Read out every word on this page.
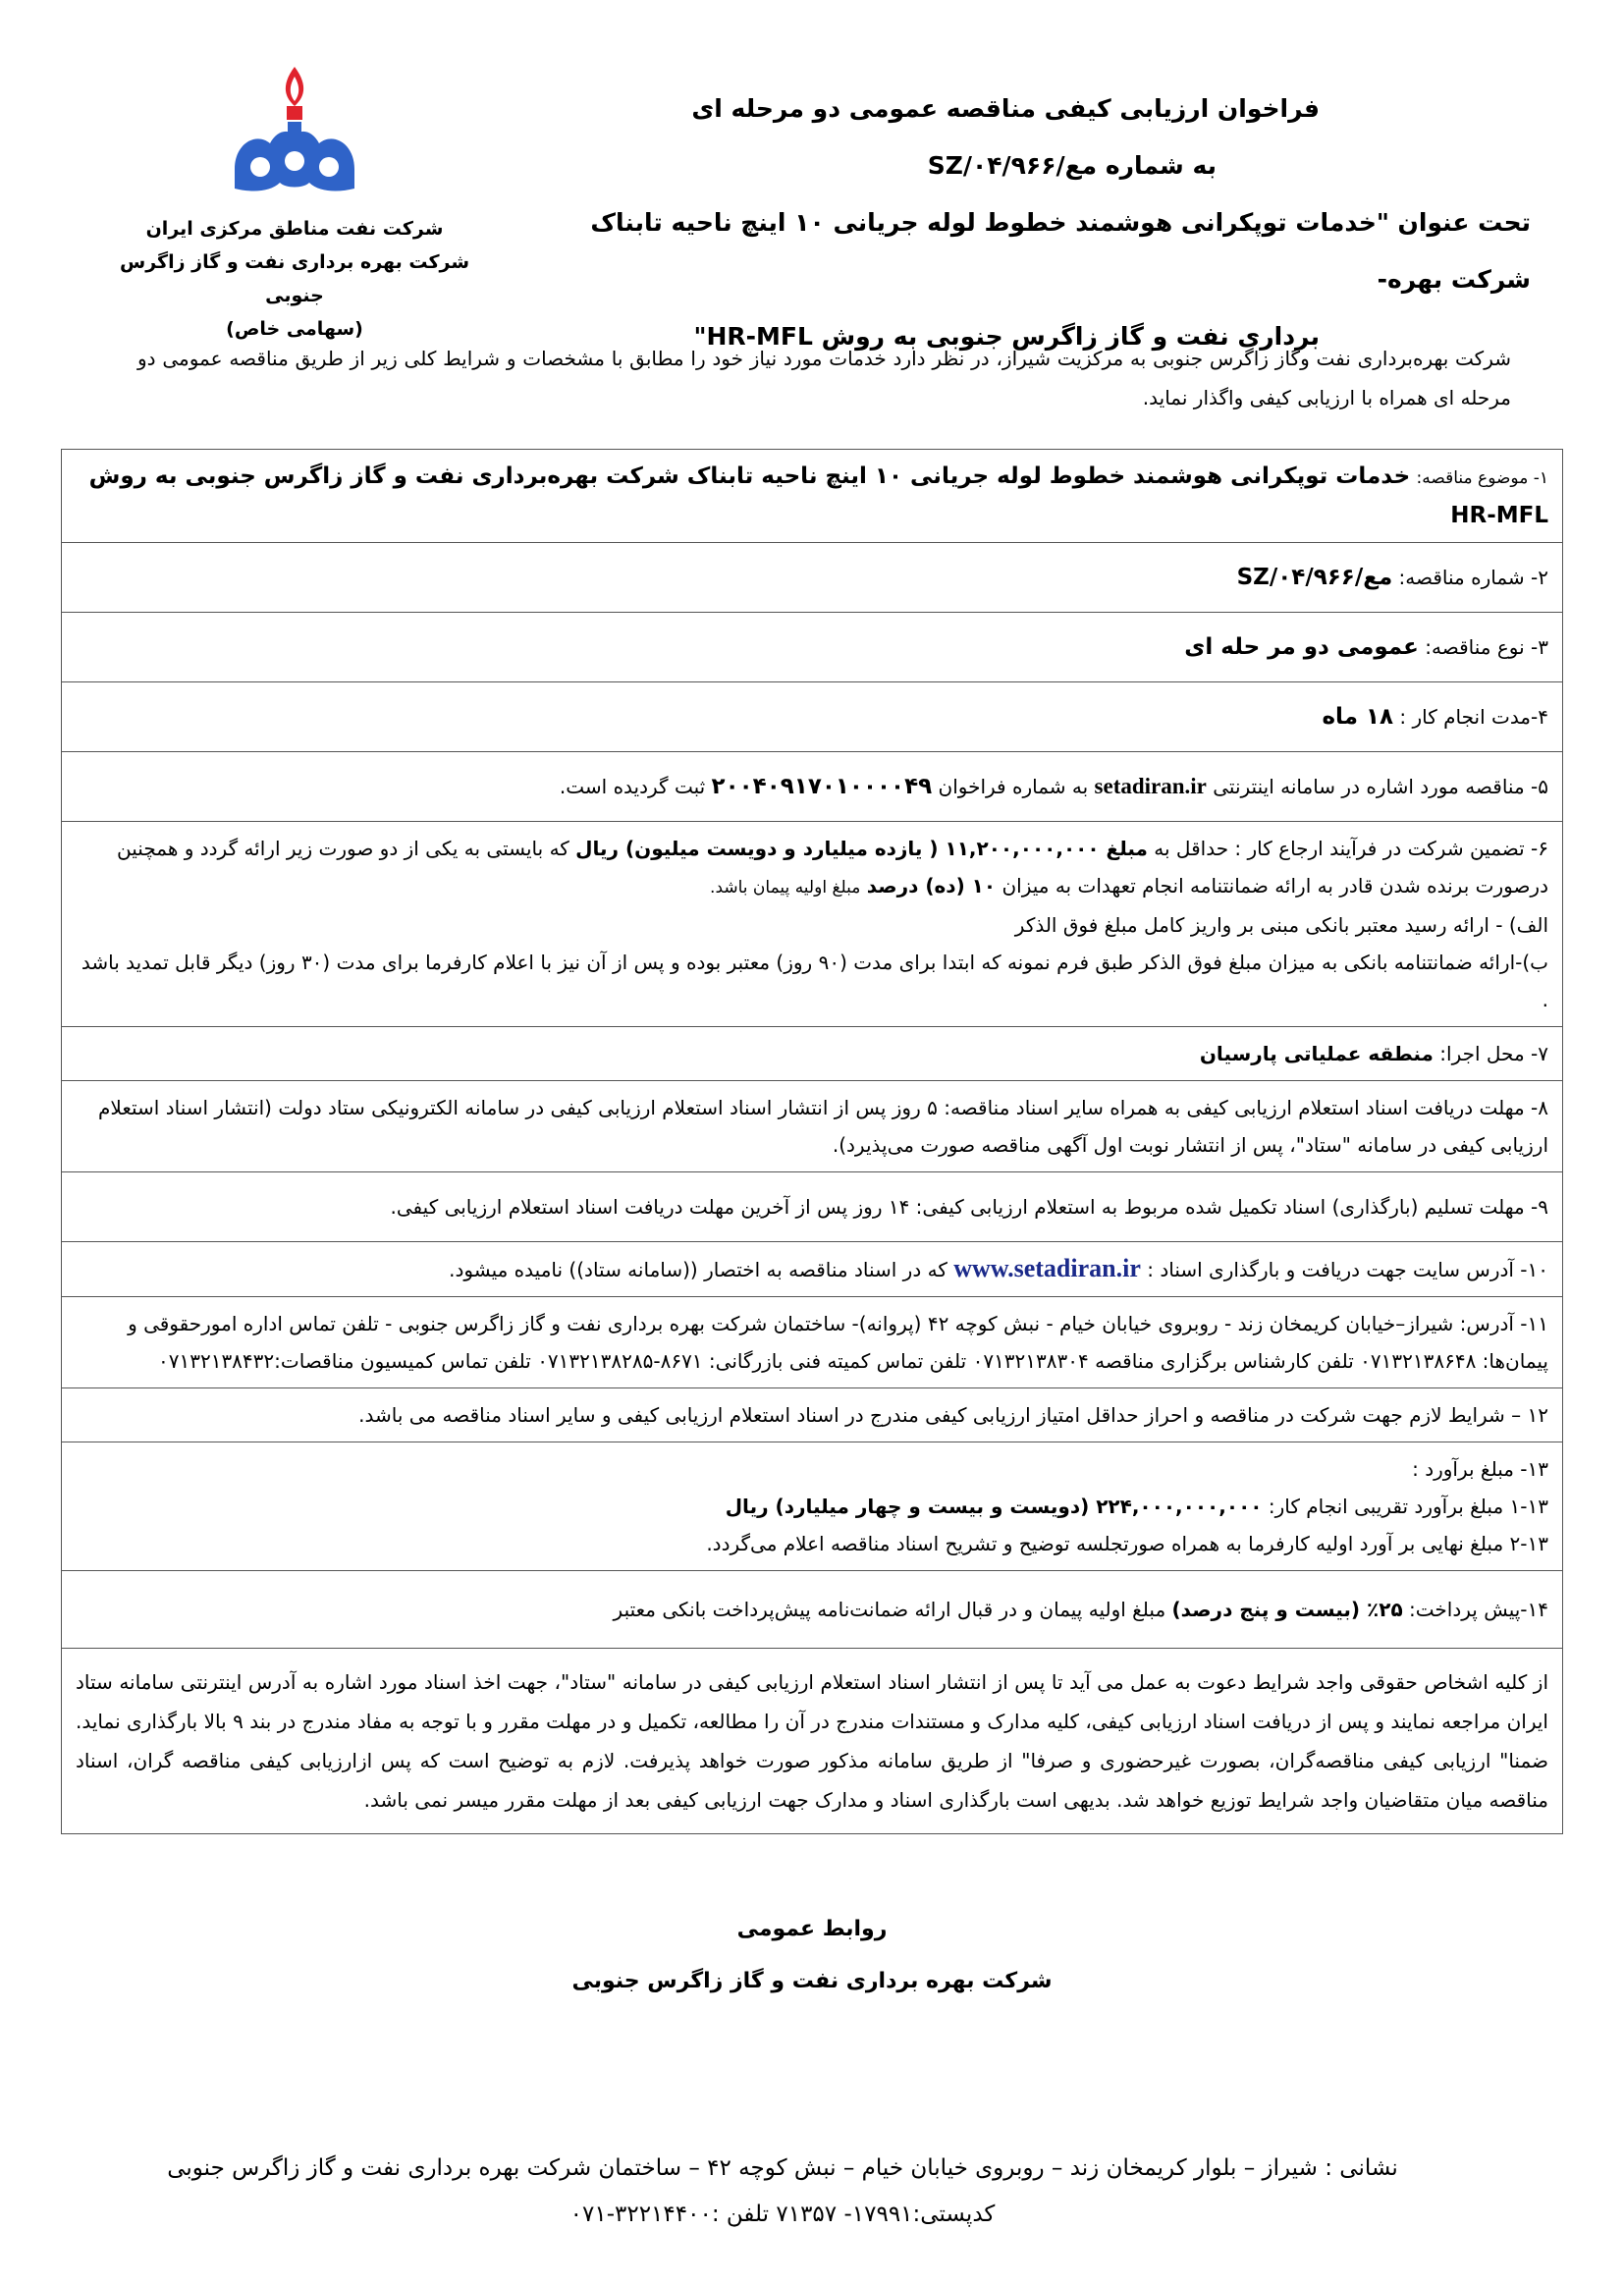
شرکت نفت مناطق مرکزی ایران
شرکت بهره برداری نفت و گاز زاگرس جنوبی
(سهامی خاص)
فراخوان ارزیابی کیفی مناقصه عمومی دو مرحله ای
به شماره مع/SZ/۰۴/۹۶۶
تحت عنوان "خدمات توپکرانی هوشمند خطوط لوله جریانی ۱۰ اینچ ناحیه تابناک شرکت بهره-
برداری نفت و گاز زاگرس جنوبی به روش HR-MFL"
شرکت بهره‌برداری نفت وگاز زاگرس جنوبی به مرکزیت شیراز، در نظر دارد خدمات مورد نیاز خود را مطابق با مشخصات و شرایط کلی زیر از طریق مناقصه عمومی دو مرحله ای همراه با ارزیابی کیفی واگذار نماید.
۱- موضوع مناقصه: خدمات توپکرانی هوشمند خطوط لوله جریانی ۱۰ اینچ ناحیه تابناک شرکت بهره‌برداری نفت و گاز زاگرس جنوبی به روش HR-MFL
۲- شماره مناقصه: مع/SZ/۰۴/۹۶۶
۳- نوع مناقصه: عمومی دو مر حله ای
۴-مدت انجام کار : ۱۸ ماه
۵- مناقصه مورد اشاره در سامانه اینترنتی setadiran.ir به شماره فراخوان ۲۰۰۴۰۹۱۷۰۱۰۰۰۰۴۹ ثبت گردیده است.
۶- تضمین شرکت در فرآیند ارجاع کار : حداقل به مبلغ ۱۱,۲۰۰,۰۰۰,۰۰۰ ( یازده میلیارد و دویست میلیون) ریال که بایستی به یکی از دو صورت زیر ارائه گردد و همچنین درصورت برنده شدن قادر به ارائه ضمانتنامه انجام تعهدات به میزان ۱۰ (ده) درصد مبلغ اولیه پیمان باشد.
الف) - ارائه رسید معتبر بانکی مبنی بر واریز کامل مبلغ فوق الذکر
ب)-ارائه ضمانتنامه بانکی به میزان مبلغ فوق الذکر طبق فرم نمونه که ابتدا برای مدت (۹۰ روز) معتبر بوده و پس از آن نیز با اعلام کارفرما برای مدت (۳۰ روز) دیگر قابل تمدید باشد .

۷- محل اجرا: منطقه عملیاتی پارسیان
۸- مهلت دریافت اسناد استعلام ارزیابی کیفی به همراه سایر اسناد مناقصه: ۵ روز پس از انتشار اسناد استعلام ارزیابی کیفی در سامانه الکترونیکی ستاد دولت (انتشار اسناد استعلام ارزیابی کیفی در سامانه "ستاد"، پس از انتشار نوبت اول آگهی مناقصه صورت می‌پذیرد).
۹- مهلت تسلیم (بارگذاری) اسناد تکمیل شده مربوط به استعلام ارزیابی کیفی: ۱۴ روز پس از آخرین مهلت دریافت اسناد استعلام ارزیابی کیفی.
۱۰- آدرس سایت جهت دریافت و بارگذاری اسناد : www.setadiran.ir که در اسناد مناقصه به اختصار ((سامانه ستاد)) نامیده میشود.
۱۱- آدرس: شیراز–خیابان کریمخان زند - روبروی خیابان خیام - نبش کوچه ۴۲ (پروانه)- ساختمان شرکت بهره برداری نفت و گاز زاگرس جنوبی - تلفن تماس اداره امورحقوقی و پیمان‌ها: ۰۷۱۳۲۱۳۸۶۴۸ تلفن کارشناس برگزاری مناقصه ۰۷۱۳۲۱۳۸۳۰۴ تلفن تماس کمیته فنی بازرگانی: ۸۶۷۱-۰۷۱۳۲۱۳۸۲۸۵ تلفن تماس کمیسیون مناقصات:۰۷۱۳۲۱۳۸۴۳۲
۱۲ – شرایط لازم جهت شرکت در مناقصه و احراز حداقل امتیاز ارزیابی کیفی مندرج در اسناد استعلام ارزیابی کیفی و سایر اسناد مناقصه می باشد.

۱۳- مبلغ برآورد :
۱-۱۳ مبلغ برآورد تقریبی انجام کار: ۲۲۴,۰۰۰,۰۰۰,۰۰۰ (دویست و بیست و چهار میلیارد) ریال
۲-۱۳ مبلغ نهایی بر آورد اولیه کارفرما به همراه صورتجلسه توضیح و تشریح اسناد مناقصه اعلام می‌گردد.

۱۴-پیش پرداخت: ۲۵٪ (بیست و پنج درصد) مبلغ اولیه پیمان و در قبال ارائه ضمانت‌نامه پیش‌پرداخت بانکی معتبر
از کلیه اشخاص حقوقی واجد شرایط دعوت به عمل می آید تا پس از انتشار اسناد استعلام ارزیابی کیفی در سامانه "ستاد"، جهت اخذ اسناد مورد اشاره به آدرس اینترنتی سامانه ستاد ایران مراجعه نمایند و پس از دریافت اسناد ارزیابی کیفی، کلیه مدارک و مستندات مندرج در آن را مطالعه، تکمیل و در مهلت مقرر و با توجه به مفاد مندرج در بند ۹ بالا بارگذاری نماید. ضمنا" ارزیابی کیفی مناقصه‌گران، بصورت غیرحضوری و صرفا" از طریق سامانه مذکور صورت خواهد پذیرفت. لازم به توضیح است که پس ازارزیابی کیفی مناقصه گران، اسناد مناقصه میان متقاضیان واجد شرایط توزیع خواهد شد. بدیهی است بارگذاری اسناد و مدارک جهت ارزیابی کیفی بعد از مهلت مقرر میسر نمی باشد.
روابط عمومی
شرکت بهره برداری نفت و گاز زاگرس جنوبی
نشانی : شیراز – بلوار کریمخان زند – روبروی خیابان خیام – نبش کوچه ۴۲ – ساختمان شرکت بهره برداری نفت و گاز زاگرس جنوبی
کدپستی:۱۷۹۹۱- ۷۱۳۵۷ تلفن :۳۲۲۱۴۴۰۰-۰۷۱
